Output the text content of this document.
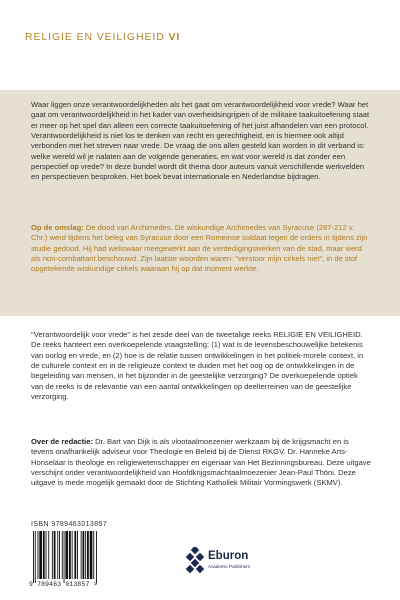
RELIGIE EN VEILIGHEID VI

Waar liggen onze verantwoordelijkheden als het gaat om verantwoordelijkheid voor vrede? Waar het gaat om verantwoordelijkheid in het kader van overheidsingrijpen of de militaire taakuitoefening staat er meer op het spel dan alleen een correcte taakuitoefening of het juist afhandelen van een protocol. Verantwoordelijkheid is niet los te denken van recht en gerechtigheid, en is hiermee ook altijd verbonden met het streven naar vrede. De vraag die ons allen gesteld kan worden in dit verband is: welke wereld wil je nalaten aan de volgende generaties, en wat voor wereld is dat zonder een perspectief op vrede? In deze bundel wordt dit thema door auteurs vanuit verschillende werkvelden en perspectieven besproken. Het boek bevat internationale en Nederlandse bijdragen.

Op de omslag: De dood van Archimedes. De wiskundige Archimedes van Syracuse (287-212 v. Chr.) werd tijdens het beleg van Syracuse door een Romeinse soldaat tegen de orders in tijdens zijn studie gedood. Hij had weliswaar meegewerkt aan de verdedigingswerken van de stad, maar werd als non-combattant beschouwd. Zijn laatste woorden waren: "verstoor mijn cirkels niet", in de stof opgetekende wiskundige cirkels waaraan hij op dat moment werkte.

"Verantwoordelijk voor vrede" is het zesde deel van de tweetalige reeks RELIGIE EN VEILIGHEID. De reeks hanteert een overkoepelende vraagstelling: (1) wat is de levensbeschouwelijke betekenis van oorlog en vrede, en (2) hoe is de relatie tussen ontwikkelingen in het politiek-morele context, in de culturele context en in de religieuze context te duiden met het oog op de ontwikkelingen in de begeleiding van mensen, in het bijzonder in de geestelijke verzorging? De overkoepelende optiek van de reeks is de relevantie van een aantal ontwikkelingen op deelterreinen van de geestelijke verzorging.

Over de redactie: Dr. Bart van Dijk is als vlootaalmoezenier werkzaam bij de krijgsmacht en is tevens onafhankelijk adviseur voor Theologie en Beleid bij de Dienst RKGV. Dr. Hanneke Arts-Honselaar is theologe en religiewetenschapper en eigenaar van Het Bezinningsbureau. Deze uitgave verschijnt onder verantwoordelijkheid van Hoofdkrijgsmachtaalmoezenier Jean-Paul Thöni. Deze uitgave is mede mogelijk gemaakt door de Stichting Katholiek Militair Vormingswerk (SKMV).

ISBN 9789463013857
9 789463 013857 >
Eburon
Academic Publishers
